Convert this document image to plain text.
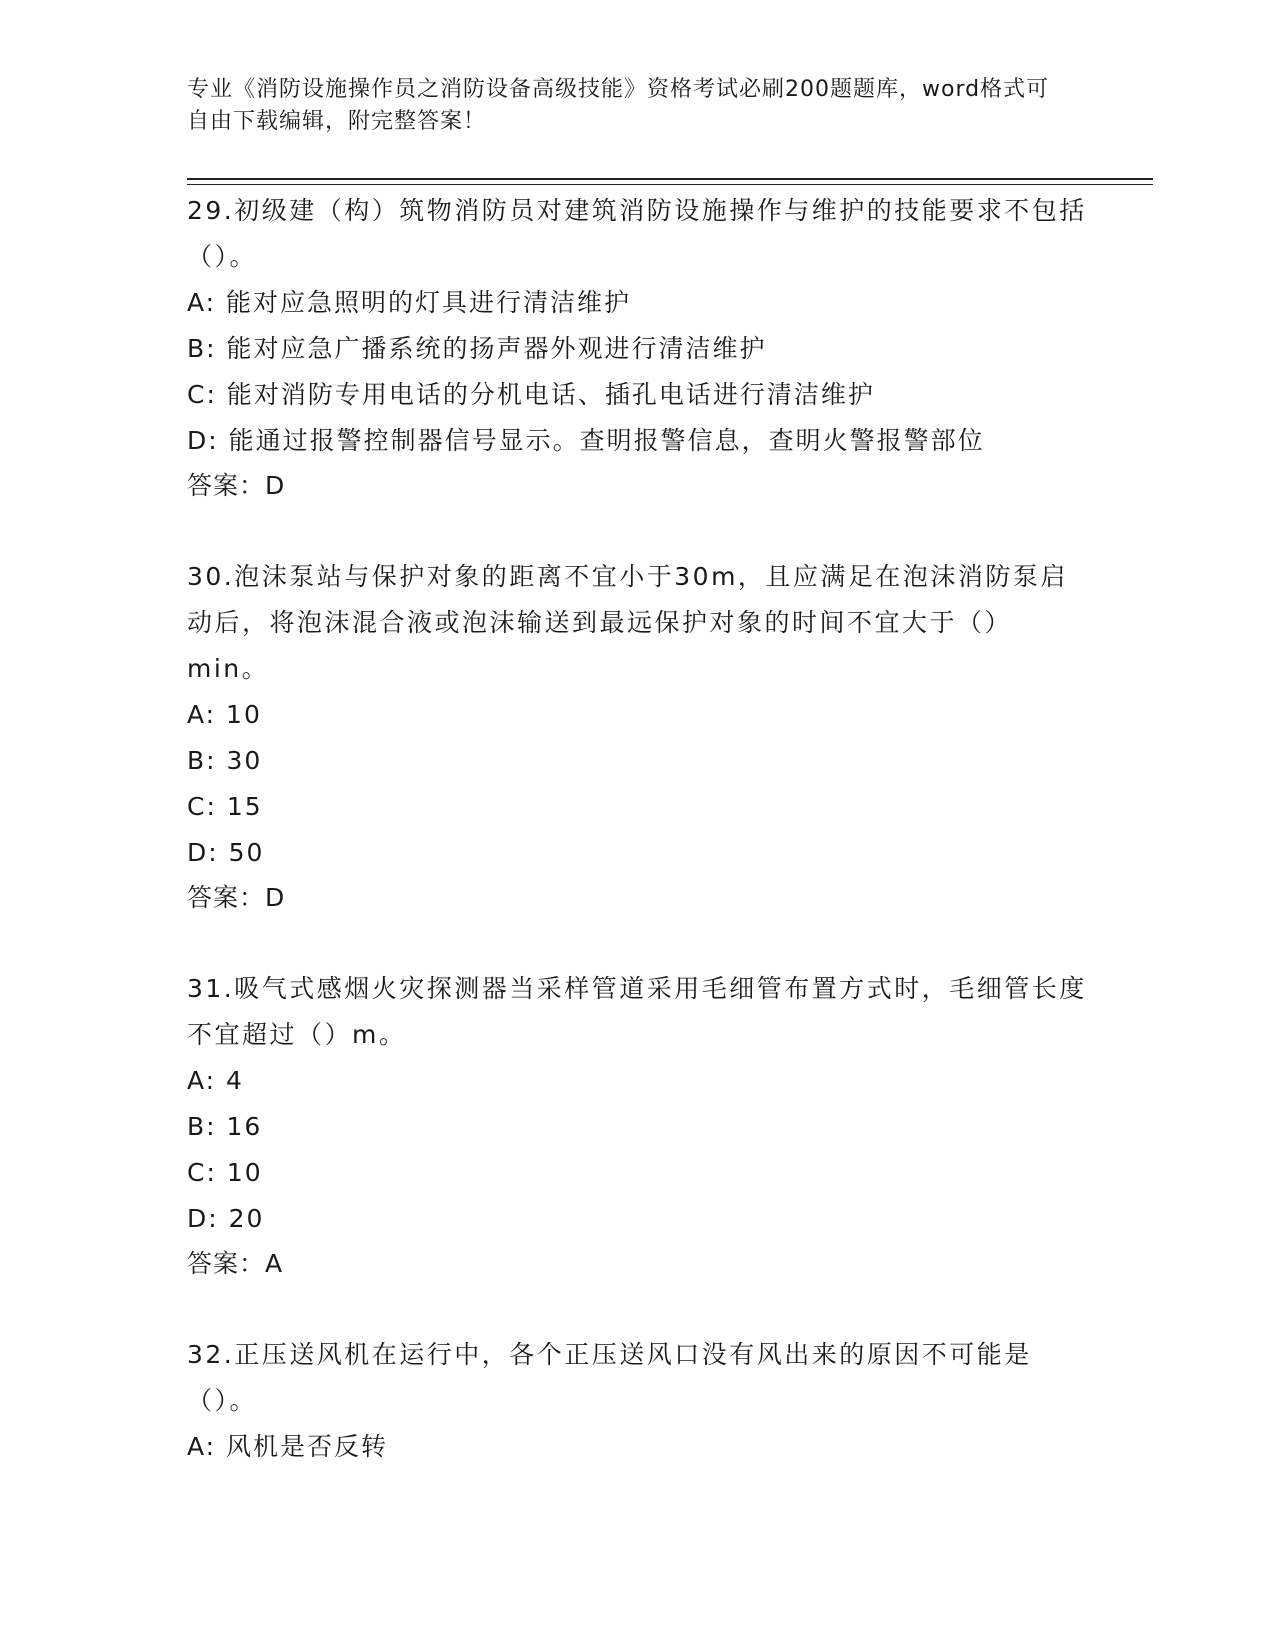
专业《消防设施操作员之消防设备高级技能》资格考试必刷200题题库，word格式可自由下载编辑，附完整答案！
29.初级建（构）筑物消防员对建筑消防设施操作与维护的技能要求不包括（）。
A: 能对应急照明的灯具进行清洁维护
B: 能对应急广播系统的扬声器外观进行清洁维护
C: 能对消防专用电话的分机电话、插孔电话进行清洁维护
D: 能通过报警控制器信号显示。查明报警信息，查明火警报警部位
答案：D
30.泡沫泵站与保护对象的距离不宜小于30m，且应满足在泡沫消防泵启动后，将泡沫混合液或泡沫输送到最远保护对象的时间不宜大于（）min。
A: 10
B: 30
C: 15
D: 50
答案：D
31.吸气式感烟火灾探测器当采样管道采用毛细管布置方式时，毛细管长度不宜超过（）m。
A: 4
B: 16
C: 10
D: 20
答案：A
32.正压送风机在运行中，各个正压送风口没有风出来的原因不可能是（）。
A: 风机是否反转
